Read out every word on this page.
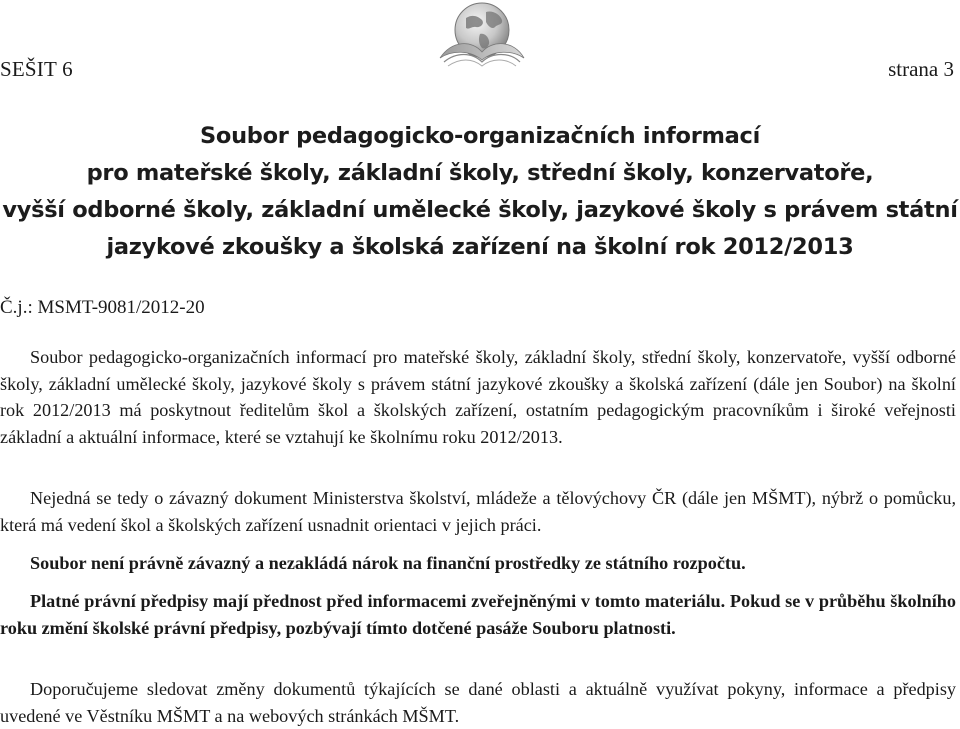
SEŠIT 6	strana 3
Soubor pedagogicko-organizačních informací
pro mateřské školy, základní školy, střední školy, konzervatoře,
vyšší odborné školy, základní umělecké školy, jazykové školy s právem státní
jazykové zkoušky a školská zařízení na školní rok 2012/2013
Č.j.: MSMT-9081/2012-20
Soubor pedagogicko-organizačních informací pro mateřské školy, základní školy, střední školy, konzervatoře, vyšší odborné školy, základní umělecké školy, jazykové školy s právem státní jazykové zkoušky a školská zařízení (dále jen Soubor) na školní rok 2012/2013 má poskytnout ředitelům škol a školských zařízení, ostatním pedagogickým pracovníkům i široké veřejnosti základní a aktuální informace, které se vztahují ke školnímu roku 2012/2013.
Nejedná se tedy o závazný dokument Ministerstva školství, mládeže a tělovýchovy ČR (dále jen MŠMT), nýbrž o pomůcku, která má vedení škol a školských zařízení usnadnit orientaci v jejich práci.
Soubor není právně závazný a nezakládá nárok na finanční prostředky ze státního rozpočtu.
Platné právní předpisy mají přednost před informacemi zveřejněnými v tomto materiálu. Pokud se v průběhu školního roku změní školské právní předpisy, pozbývají tímto dotčené pasáže Souboru platnosti.
Doporučujeme sledovat změny dokumentů týkajících se dané oblasti a aktuálně využívat pokyny, informace a předpisy uvedené ve Věstníku MŠMT a na webových stránkách MŠMT.
